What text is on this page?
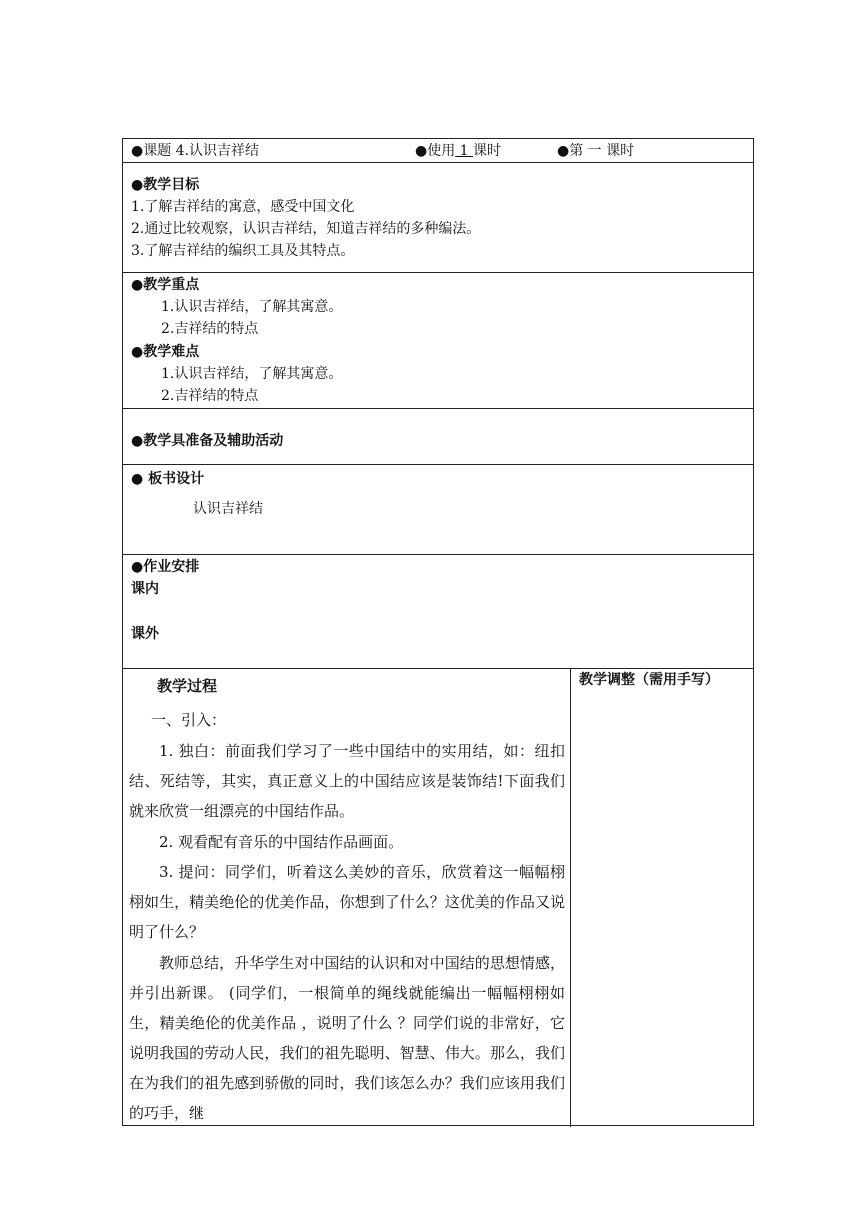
●课题 4.认识吉祥结	●使用 1 课时	●第 一 课时
●教学目标
1.了解吉祥结的寓意，感受中国文化
2.通过比较观察，认识吉祥结，知道吉祥结的多种编法。
3.了解吉祥结的编织工具及其特点。
●教学重点
1.认识吉祥结，了解其寓意。
2.吉祥结的特点
●教学难点
1.认识吉祥结，了解其寓意。
2.吉祥结的特点
●教学具准备及辅助活动
● 板书设计
认识吉祥结
●作业安排
课内
课外
教学过程
一、引入：
1. 独白：前面我们学习了一些中国结中的实用结，如：纽扣结、死结等，其实，真正意义上的中国结应该是装饰结!下面我们就来欣赏一组漂亮的中国结作品。
2. 观看配有音乐的中国结作品画面。
3. 提问：同学们，听着这么美妙的音乐，欣赏着这一幅幅栩栩如生，精美绝伦的优美作品，你想到了什么？这优美的作品又说明了什么？
教师总结，升华学生对中国结的认识和对中国结的思想情感，并引出新课。 (同学们，一根简单的绳线就能编出一幅幅栩栩如生，精美绝伦的优美作品 ，说明了什么 ？同学们说的非常好，它说明我国的劳动人民，我们的祖先聪明、智慧、伟大。那么，我们在为我们的祖先感到骄傲的同时，我们该怎么办？我们应该用我们的巧手，继
教学调整（需用手写）
